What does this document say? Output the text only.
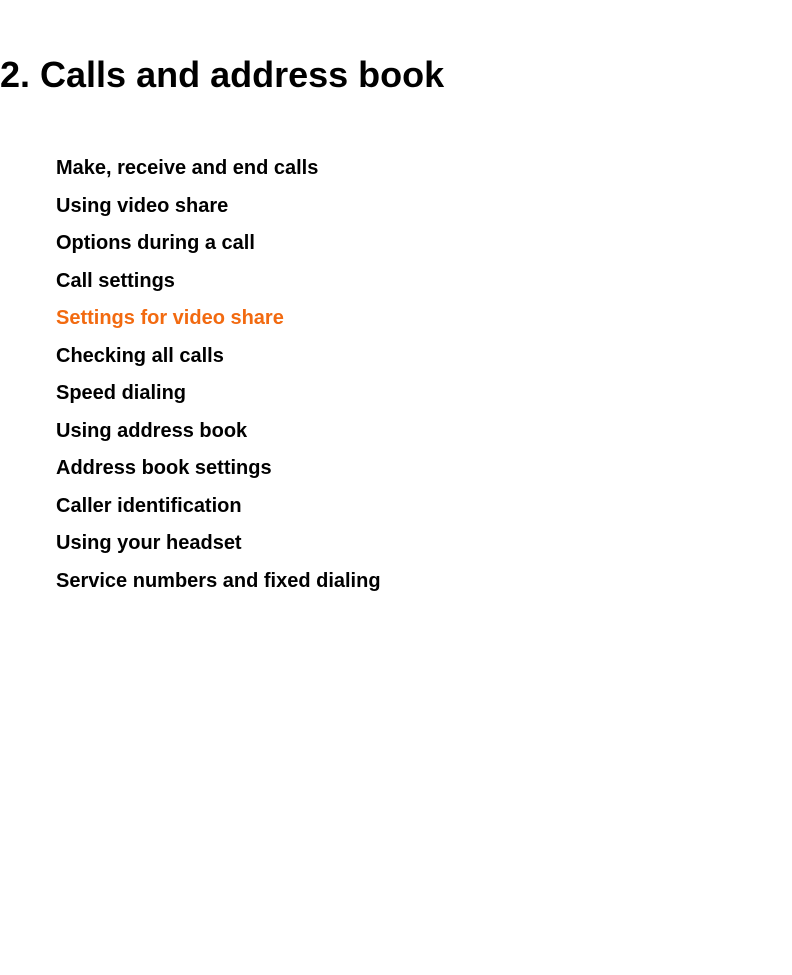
2. Calls and address book
Make, receive and end calls
Using video share
Options during a call
Call settings
Settings for video share
Checking all calls
Speed dialing
Using address book
Address book settings
Caller identification
Using your headset
Service numbers and fixed dialing
